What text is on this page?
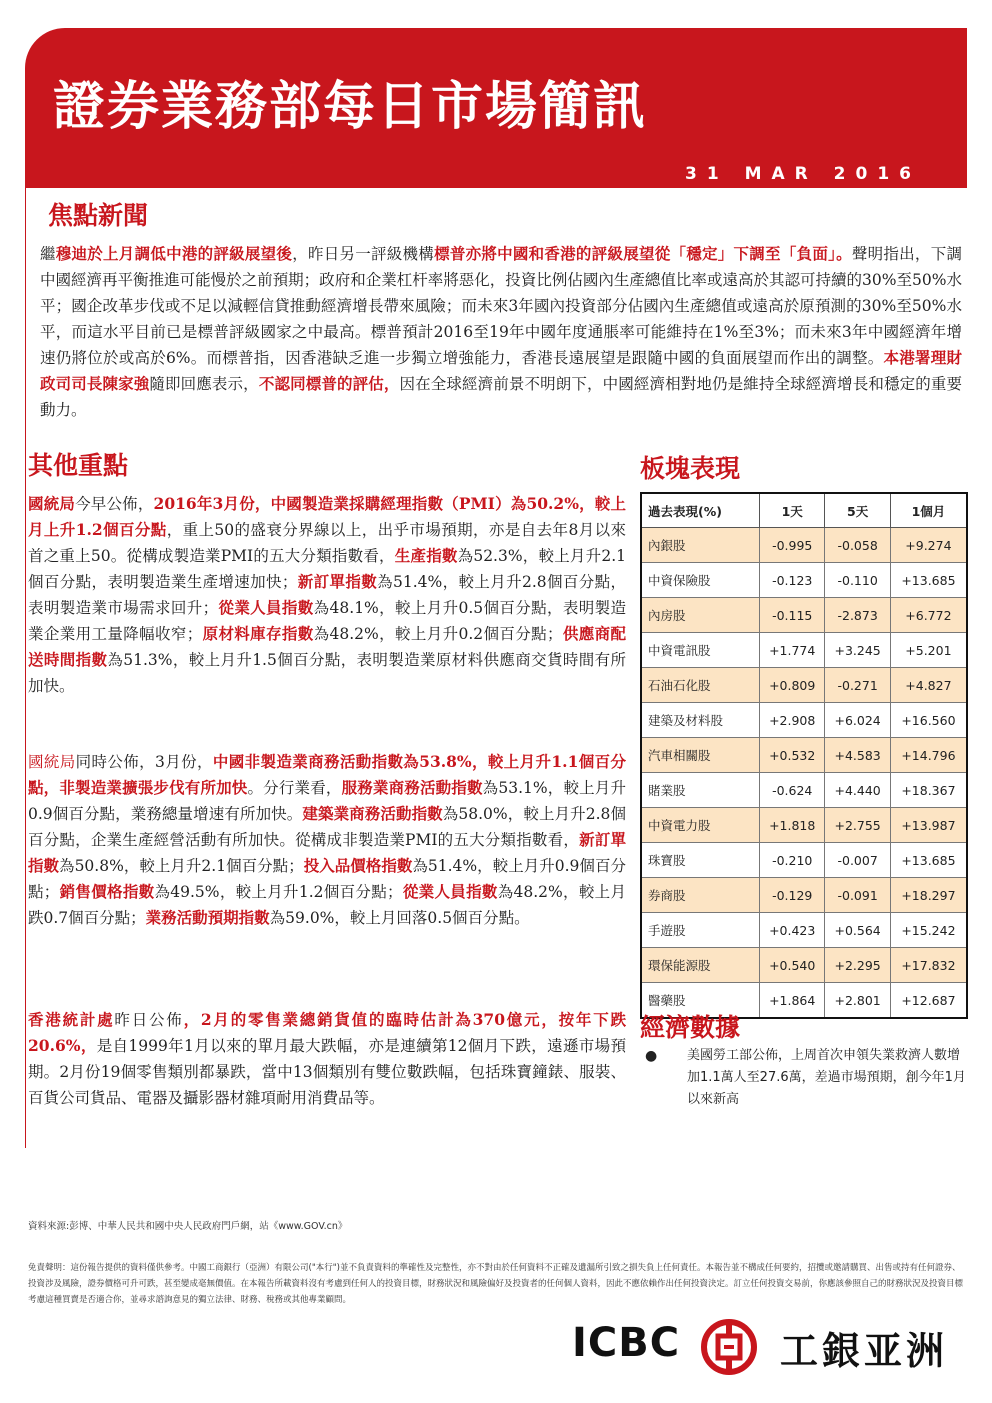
證券業務部每日市場簡訊

31 MAR 2016

焦點新聞

繼穆迪於上月調低中港的評級展望後，昨日另一評級機構標普亦將中國和香港的評級展望從「穩定」下調至「負面」。聲明指出，下調中國經濟再平衡推進可能慢於之前預期；政府和企業杠杆率將惡化，投資比例佔國內生產總值比率或遠高於其認可持續的30%至50%水平；國企改革步伐或不足以減輕信貸推動經濟增長帶來風險；而未來3年國內投資部分佔國內生產總值或遠高於原預測的30%至50%水平，而這水平目前已是標普評級國家之中最高。標普預計2016至19年中國年度通脹率可能維持在1%至3%；而未來3年中國經濟年增速仍將位於或高於6%。而標普指，因香港缺乏進一步獨立增強能力，香港長遠展望是跟隨中國的負面展望而作出的調整。本港署理財政司司長陳家強隨即回應表示，不認同標普的評估，因在全球經濟前景不明朗下，中國經濟相對地仍是維持全球經濟增長和穩定的重要動力。

其他重點

國統局今早公佈，2016年3月份，中國製造業採購經理指數（PMI）為50.2%，較上月上升1.2個百分點，重上50的盛衰分界線以上，出乎市場預期，亦是自去年8月以來首之重上50。從構成製造業PMI的五大分類指數看，生產指數為52.3%，較上月升2.1個百分點，表明製造業生產增速加快；新訂單指數為51.4%，較上月升2.8個百分點，表明製造業市場需求回升；從業人員指數為48.1%，較上月升0.5個百分點，表明製造業企業用工量降幅收窄；原材料庫存指數為48.2%，較上月升0.2個百分點；供應商配送時間指數為51.3%，較上月升1.5個百分點，表明製造業原材料供應商交貨時間有所加快。

國統局同時公佈，3月份，中國非製造業商務活動指數為53.8%，較上月升1.1個百分點，非製造業擴張步伐有所加快。分行業看，服務業商務活動指數為53.1%，較上月升0.9個百分點，業務總量增速有所加快。建築業商務活動指數為58.0%，較上月升2.8個百分點，企業生產經營活動有所加快。從構成非製造業PMI的五大分類指數看，新訂單指數為50.8%，較上月升2.1個百分點；投入品價格指數為51.4%，較上月升0.9個百分點；銷售價格指數為49.5%，較上月升1.2個百分點；從業人員指數為48.2%，較上月跌0.7個百分點；業務活動預期指數為59.0%，較上月回落0.5個百分點。

香港統計處昨日公佈，2月的零售業總銷貨值的臨時估計為370億元，按年下跌20.6%，是自1999年1月以來的單月最大跌幅，亦是連續第12個月下跌，遠遜市場預期。2月份19個零售類別都暴跌，當中13個類別有雙位數跌幅，包括珠寶鐘錶、服裝、百貨公司貨品、電器及攝影器材雜項耐用消費品等。

板塊表現
過去表現(%)	1天	5天	1個月
內銀股	-0.995	-0.058	+9.274
中資保險股	-0.123	-0.110	+13.685
內房股	-0.115	-2.873	+6.772
中資電訊股	+1.774	+3.245	+5.201
石油石化股	+0.809	-0.271	+4.827
建築及材料股	+2.908	+6.024	+16.560
汽車相關股	+0.532	+4.583	+14.796
賭業股	-0.624	+4.440	+18.367
中資電力股	+1.818	+2.755	+13.987
珠寶股	-0.210	-0.007	+13.685
券商股	-0.129	-0.091	+18.297
手遊股	+0.423	+0.564	+15.242
環保能源股	+0.540	+2.295	+17.832
醫藥股	+1.864	+2.801	+12.687
經濟數據
● 美國勞工部公佈，上周首次申領失業救濟人數增加1.1萬人至27.6萬，差過市場預期，創今年1月以來新高

資料來源:彭博、中華人民共和國中央人民政府門戶網，站《www.GOV.cn》

免責聲明：這份報告提供的資料僅供參考。中國工商銀行（亞洲）有限公司("本行")並不負責資料的準確性及完整性，亦不對由於任何資料不正確及遺漏所引致之損失負上任何責任。本報告並不構成任何要約，招攬或邀請購買、出售或持有任何證券、投資涉及風險，證券價格可升可跌，甚至變成毫無價值。在本報告所載資料沒有考慮到任何人的投資目標，財務狀況和風險偏好及投資者的任何個人資料，因此不應依賴作出任何投資決定。訂立任何投資交易前，你應該參照自己的財務狀況及投資目標考慮這種買賣是否適合你，並尋求諮詢意見的獨立法律、財務、稅務或其他專業顧問。

ICBC	工銀亚洲
